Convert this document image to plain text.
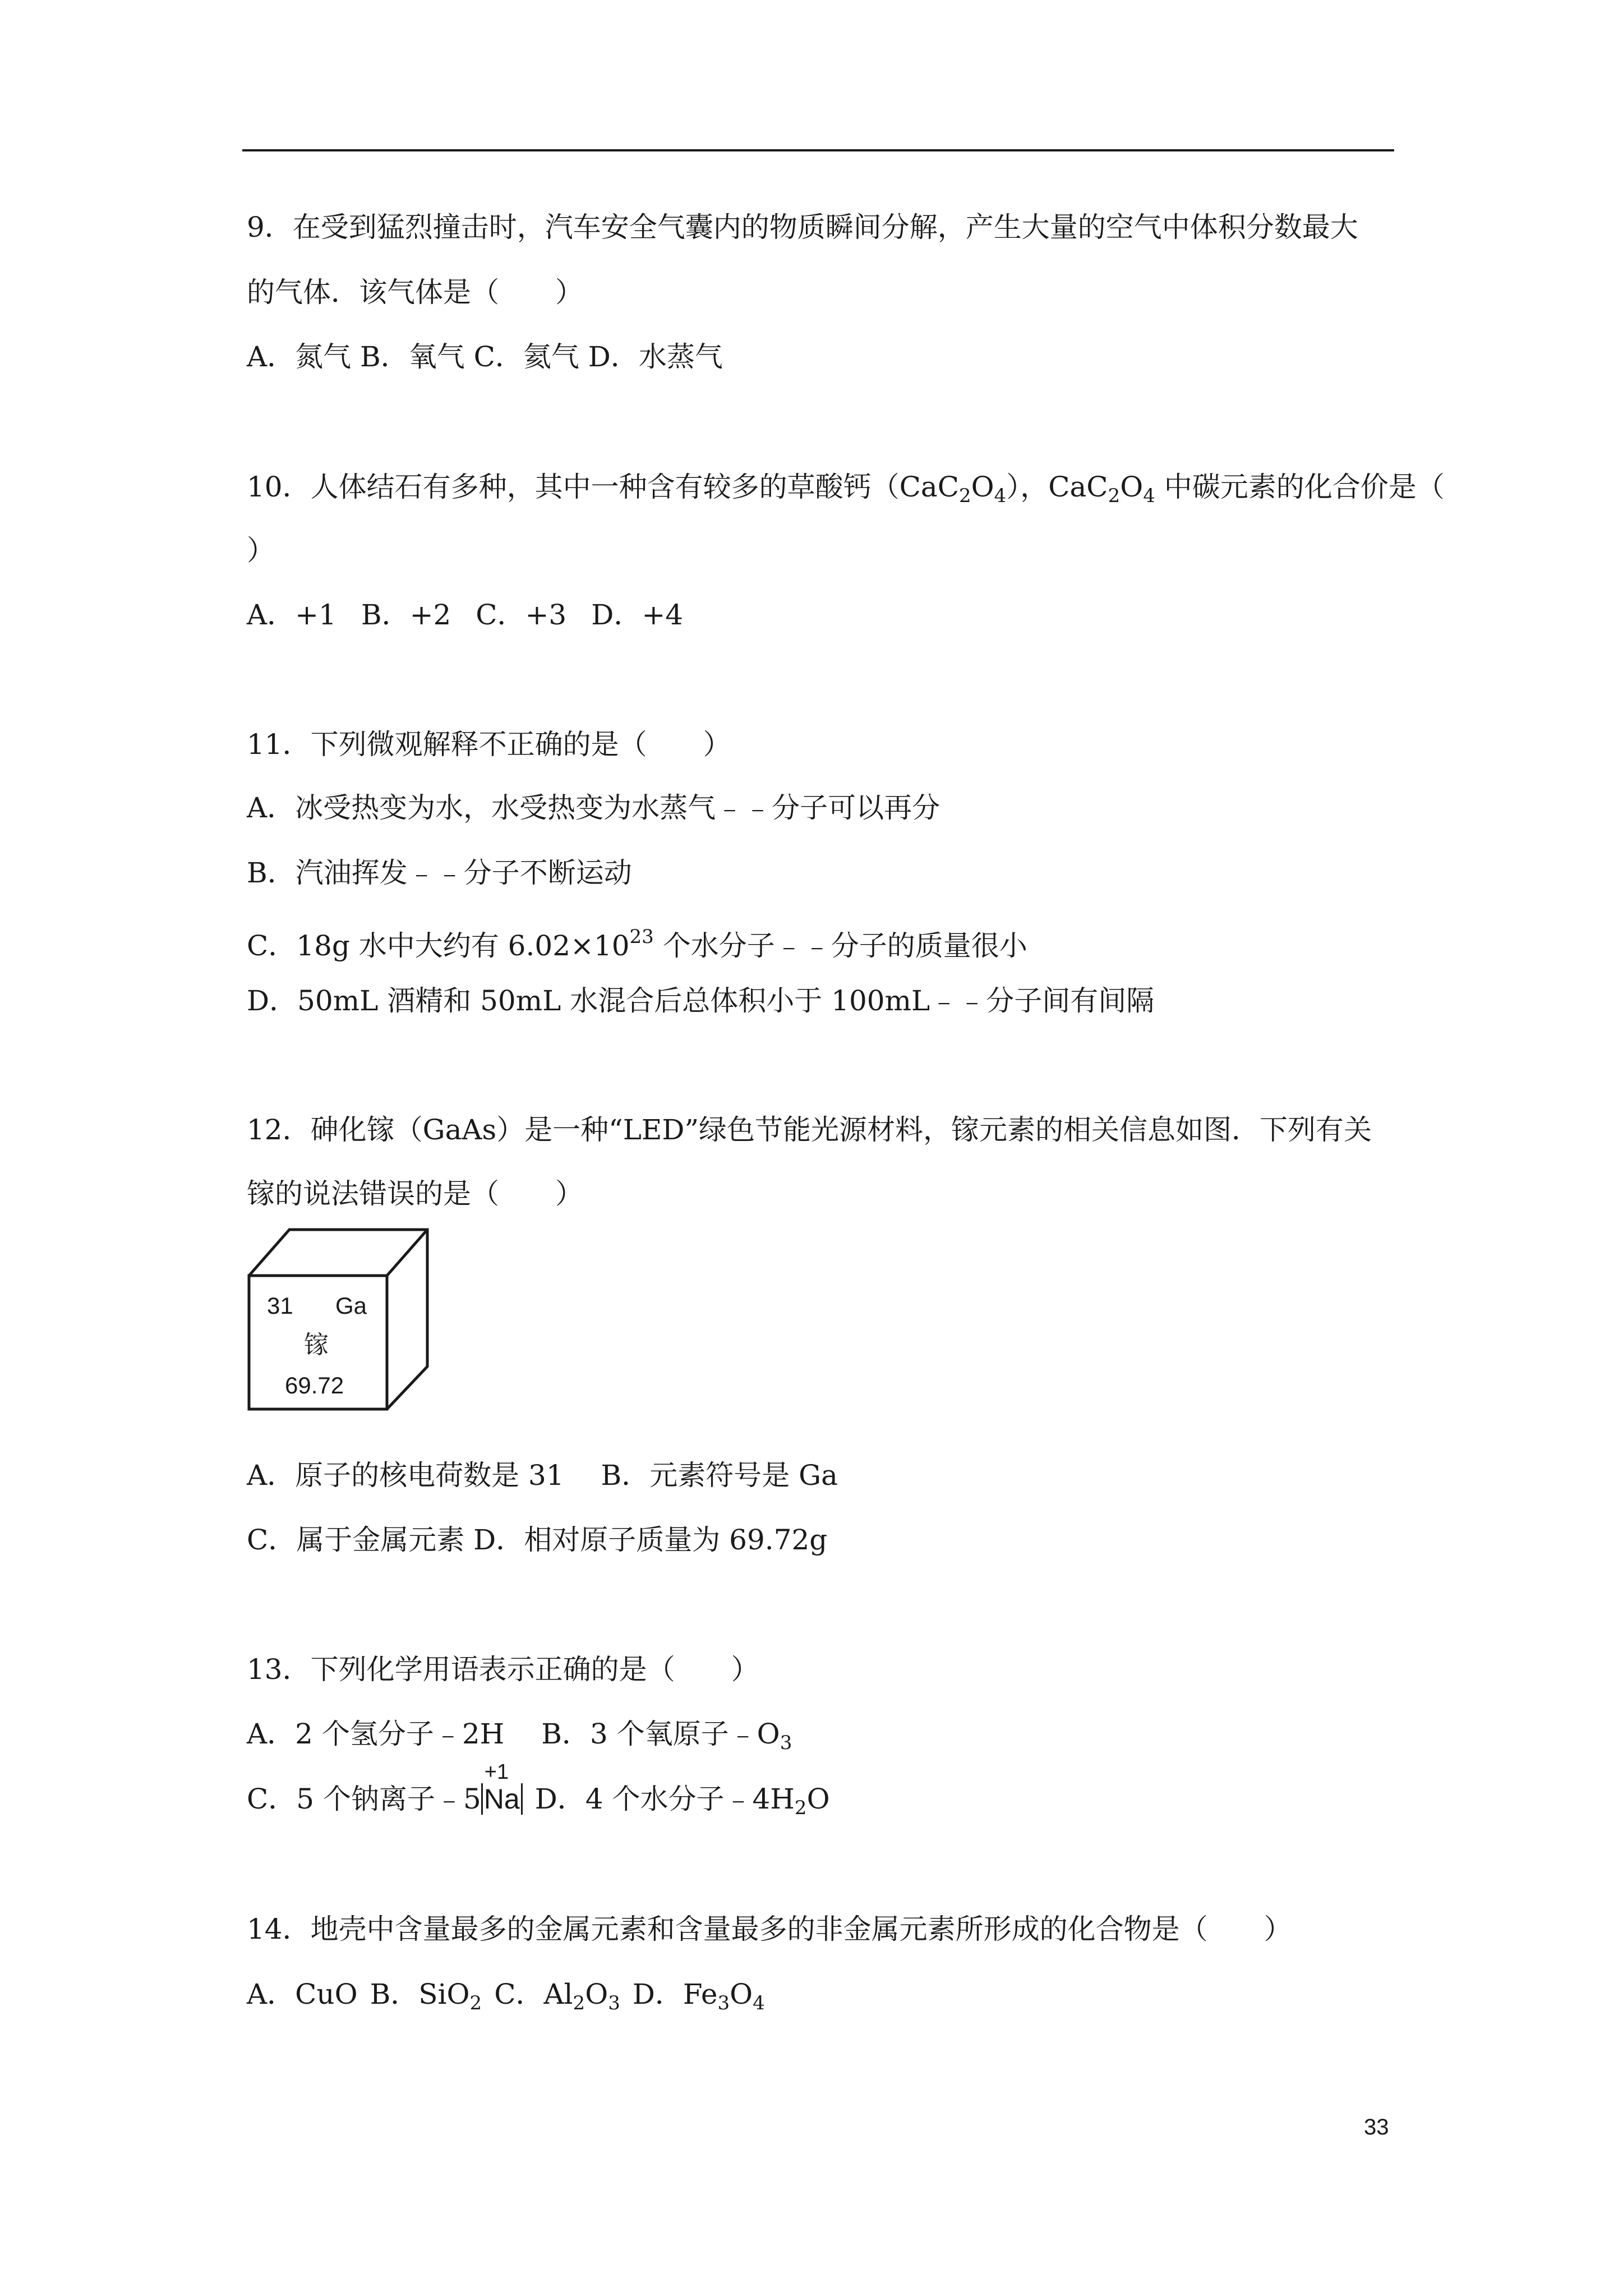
9．在受到猛烈撞击时，汽车安全气囊内的物质瞬间分解，产生大量的空气中体积分数最大
的气体．该气体是（　　）
A．氮气 B．氧气 C．氦气 D．水蒸气
10．人体结石有多种，其中一种含有较多的草酸钙$(CaC_2O_4)$，$CaC_2O_4$ 中碳元素的化合价是（
）
A．+1 B．+2 C．+3 D．+4
11．下列微观解释不正确的是（　　）
A．冰受热变为水，水受热变为水蒸气﹣﹣分子可以再分
B．汽油挥发﹣﹣分子不断运动
C．18g 水中大约有 $6.02\times 10^{23}$ 个水分子﹣﹣分子的质量很小
D．50mL 酒精和 50mL 水混合后总体积小于 100mL﹣﹣分子间有间隔
12．砷化镓（GaAs）是一种“LED”绿色节能光源材料，镓元素的相关信息如图．下列有关
镓的说法错误的是（　　）
31 Ga
镓
69.72
A．原子的核电荷数是 31　 B．元素符号是 Ga
C．属于金属元素 D．相对原子质量为 69.72g
13．下列化学用语表示正确的是（　　）
A．2 个氢分子﹣2H B．3 个氧原子$﹣O_3$
C．5 个钠离子﹣5
+1
Na D．4 个水分子$﹣4H_2O$
14．地壳中含量最多的金属元素和含量最多的非金属元素所形成的化合物是（　　）
A．CuO B．SiO$_2$ C．$Al_2O_3$ D．$Fe_3O_4$
33
